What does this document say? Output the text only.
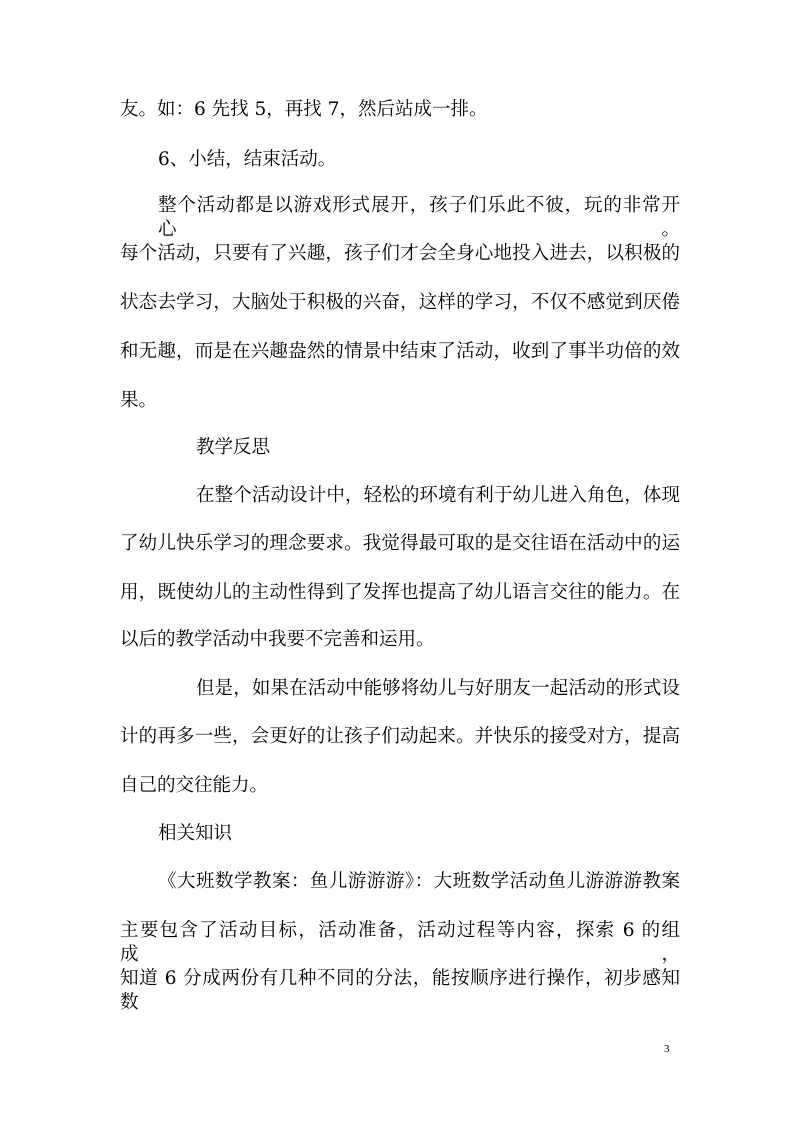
友。如：6 先找 5，再找 7，然后站成一排。
6、小结，结束活动。
整个活动都是以游戏形式展开，孩子们乐此不彼，玩的非常开心。
每个活动，只要有了兴趣，孩子们才会全身心地投入进去，以积极的
状态去学习，大脑处于积极的兴奋，这样的学习，不仅不感觉到厌倦
和无趣，而是在兴趣盎然的情景中结束了活动，收到了事半功倍的效
果。
教学反思
在整个活动设计中，轻松的环境有利于幼儿进入角色，体现
了幼儿快乐学习的理念要求。我觉得最可取的是交往语在活动中的运
用，既使幼儿的主动性得到了发挥也提高了幼儿语言交往的能力。在
以后的教学活动中我要不完善和运用。
但是，如果在活动中能够将幼儿与好朋友一起活动的形式设
计的再多一些，会更好的让孩子们动起来。并快乐的接受对方，提高
自己的交往能力。
相关知识
《大班数学教案：鱼儿游游游》：大班数学活动鱼儿游游游教案
主要包含了活动目标，活动准备，活动过程等内容，探索 6 的组成，
知道 6 分成两份有几种不同的分法，能按顺序进行操作，初步感知数
3
